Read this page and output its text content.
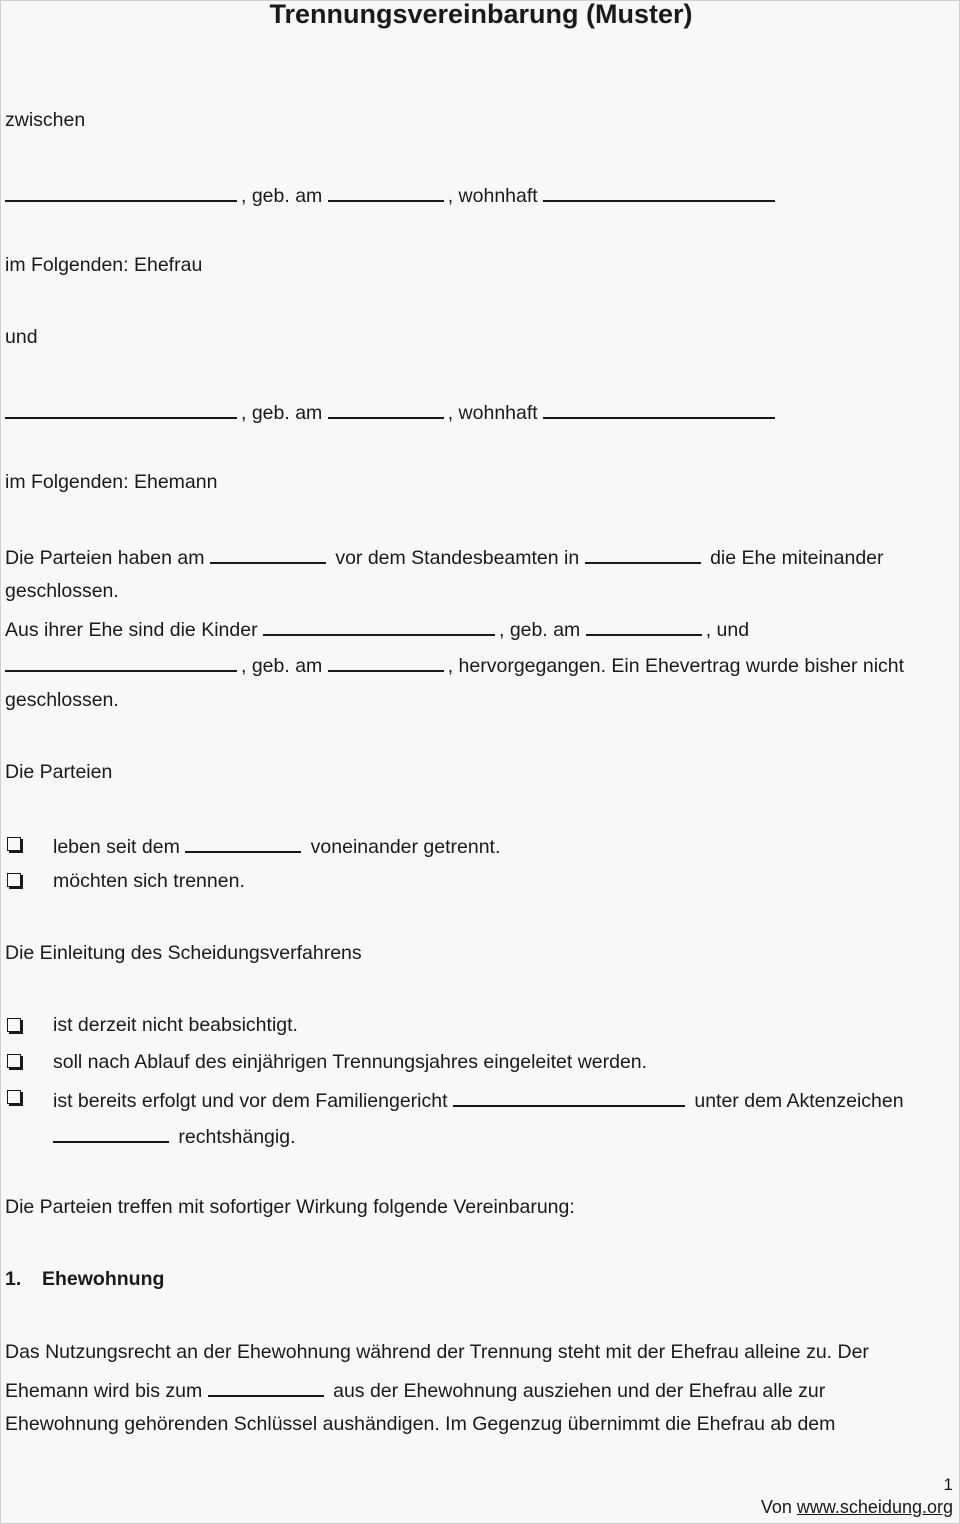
Trennungsvereinbarung (Muster)
zwischen
, geb. am	, wohnhaft
im Folgenden: Ehefrau
und
, geb. am	, wohnhaft
im Folgenden: Ehemann
Die Parteien haben am	vor dem Standesbeamten in	die Ehe miteinander
geschlossen.
Aus ihrer Ehe sind die Kinder	, geb. am	, und
, geb. am	, hervorgegangen. Ein Ehevertrag wurde bisher nicht
geschlossen.
Die Parteien
leben seit dem	voneinander getrennt.
möchten sich trennen.
Die Einleitung des Scheidungsverfahrens
ist derzeit nicht beabsichtigt.
soll nach Ablauf des einjährigen Trennungsjahres eingeleitet werden.
ist bereits erfolgt und vor dem Familiengericht	unter dem Aktenzeichen
rechtshängig.
Die Parteien treffen mit sofortiger Wirkung folgende Vereinbarung:
1. Ehewohnung
Das Nutzungsrecht an der Ehewohnung während der Trennung steht mit der Ehefrau alleine zu. Der
Ehemann wird bis zum	aus der Ehewohnung ausziehen und der Ehefrau alle zur
Ehewohnung gehörenden Schlüssel aushändigen. Im Gegenzug übernimmt die Ehefrau ab dem
1
Von www.scheidung.org
